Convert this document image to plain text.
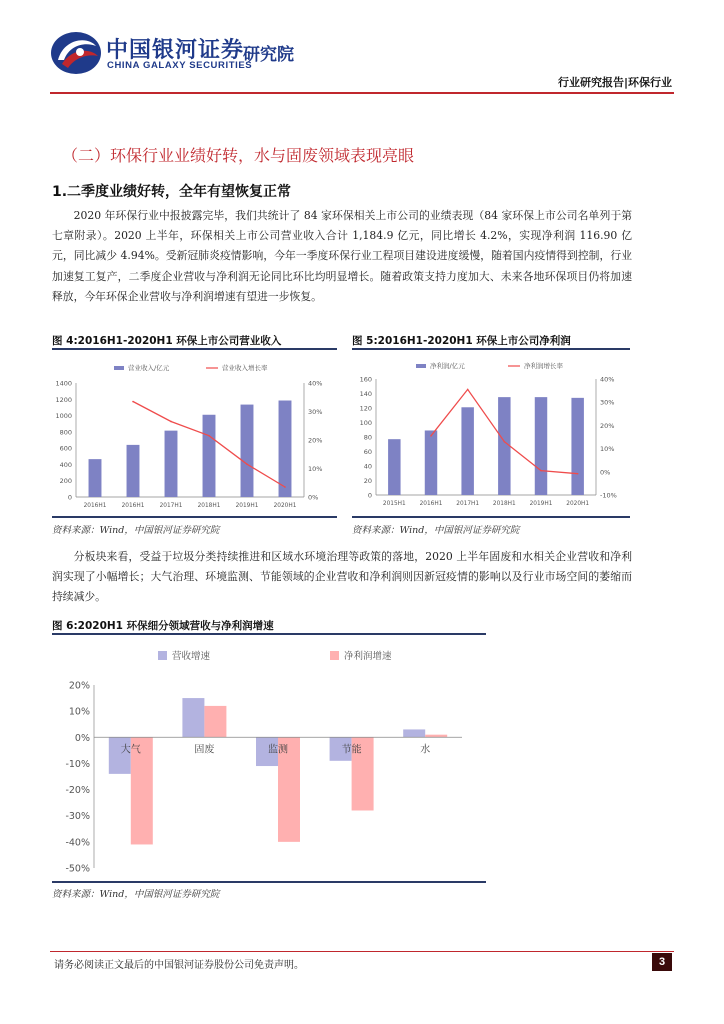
中国银河证券
CHINA GALAXY SECURITIES
研究院
行业研究报告|环保行业
（二）环保行业业绩好转，水与固废领域表现亮眼
1.二季度业绩好转，全年有望恢复正常
2020 年环保行业中报披露完毕，我们共统计了 84 家环保相关上市公司的业绩表现（84 家环保上市公司名单列于第七章附录）。2020 上半年，环保相关上市公司营业收入合计 1,184.9 亿元，同比增长 4.2%，实现净利润 116.90 亿元，同比减少 4.94%。受新冠肺炎疫情影响，今年一季度环保行业工程项目建设进度缓慢，随着国内疫情得到控制，行业加速复工复产，二季度企业营收与净利润无论同比环比均明显增长。随着政策支持力度加大、未来各地环保项目仍将加速释放，今年环保企业营收与净利润增速有望进一步恢复。
图 4:2016H1-2020H1 环保上市公司营业收入
营业收入/亿元	营业收入增长率
0
200
400
600
800
1000
1200
1400
0%
10%
20%
30%
40%
2016H1	2016H1	2017H1	2018H1	2019H1	2020H1
资料来源：Wind，中国银河证券研究院
图 5:2016H1-2020H1 环保上市公司净利润
净利润/亿元	净利润增长率
0
20
40
60
80
100
120
140
160
-10%
0%
10%
20%
30%
40%
2015H1 2016H1 2017H1 2018H1 2019H1 2020H1
资料来源：Wind，中国银河证券研究院
分板块来看，受益于垃圾分类持续推进和区域水环境治理等政策的落地，2020 上半年固废和水相关企业营收和净利润实现了小幅增长；大气治理、环境监测、节能领域的企业营收和净利润则因新冠疫情的影响以及行业市场空间的萎缩而持续减少。
图 6:2020H1 环保细分领域营收与净利润增速
营收增速	净利润增速
-50%
-40%
-30%
-20%
-10%
0%
10%
20%
大气	固废	监测	节能	水
资料来源：Wind，中国银河证券研究院
请务必阅读正文最后的中国银河证券股份公司免责声明。	3
